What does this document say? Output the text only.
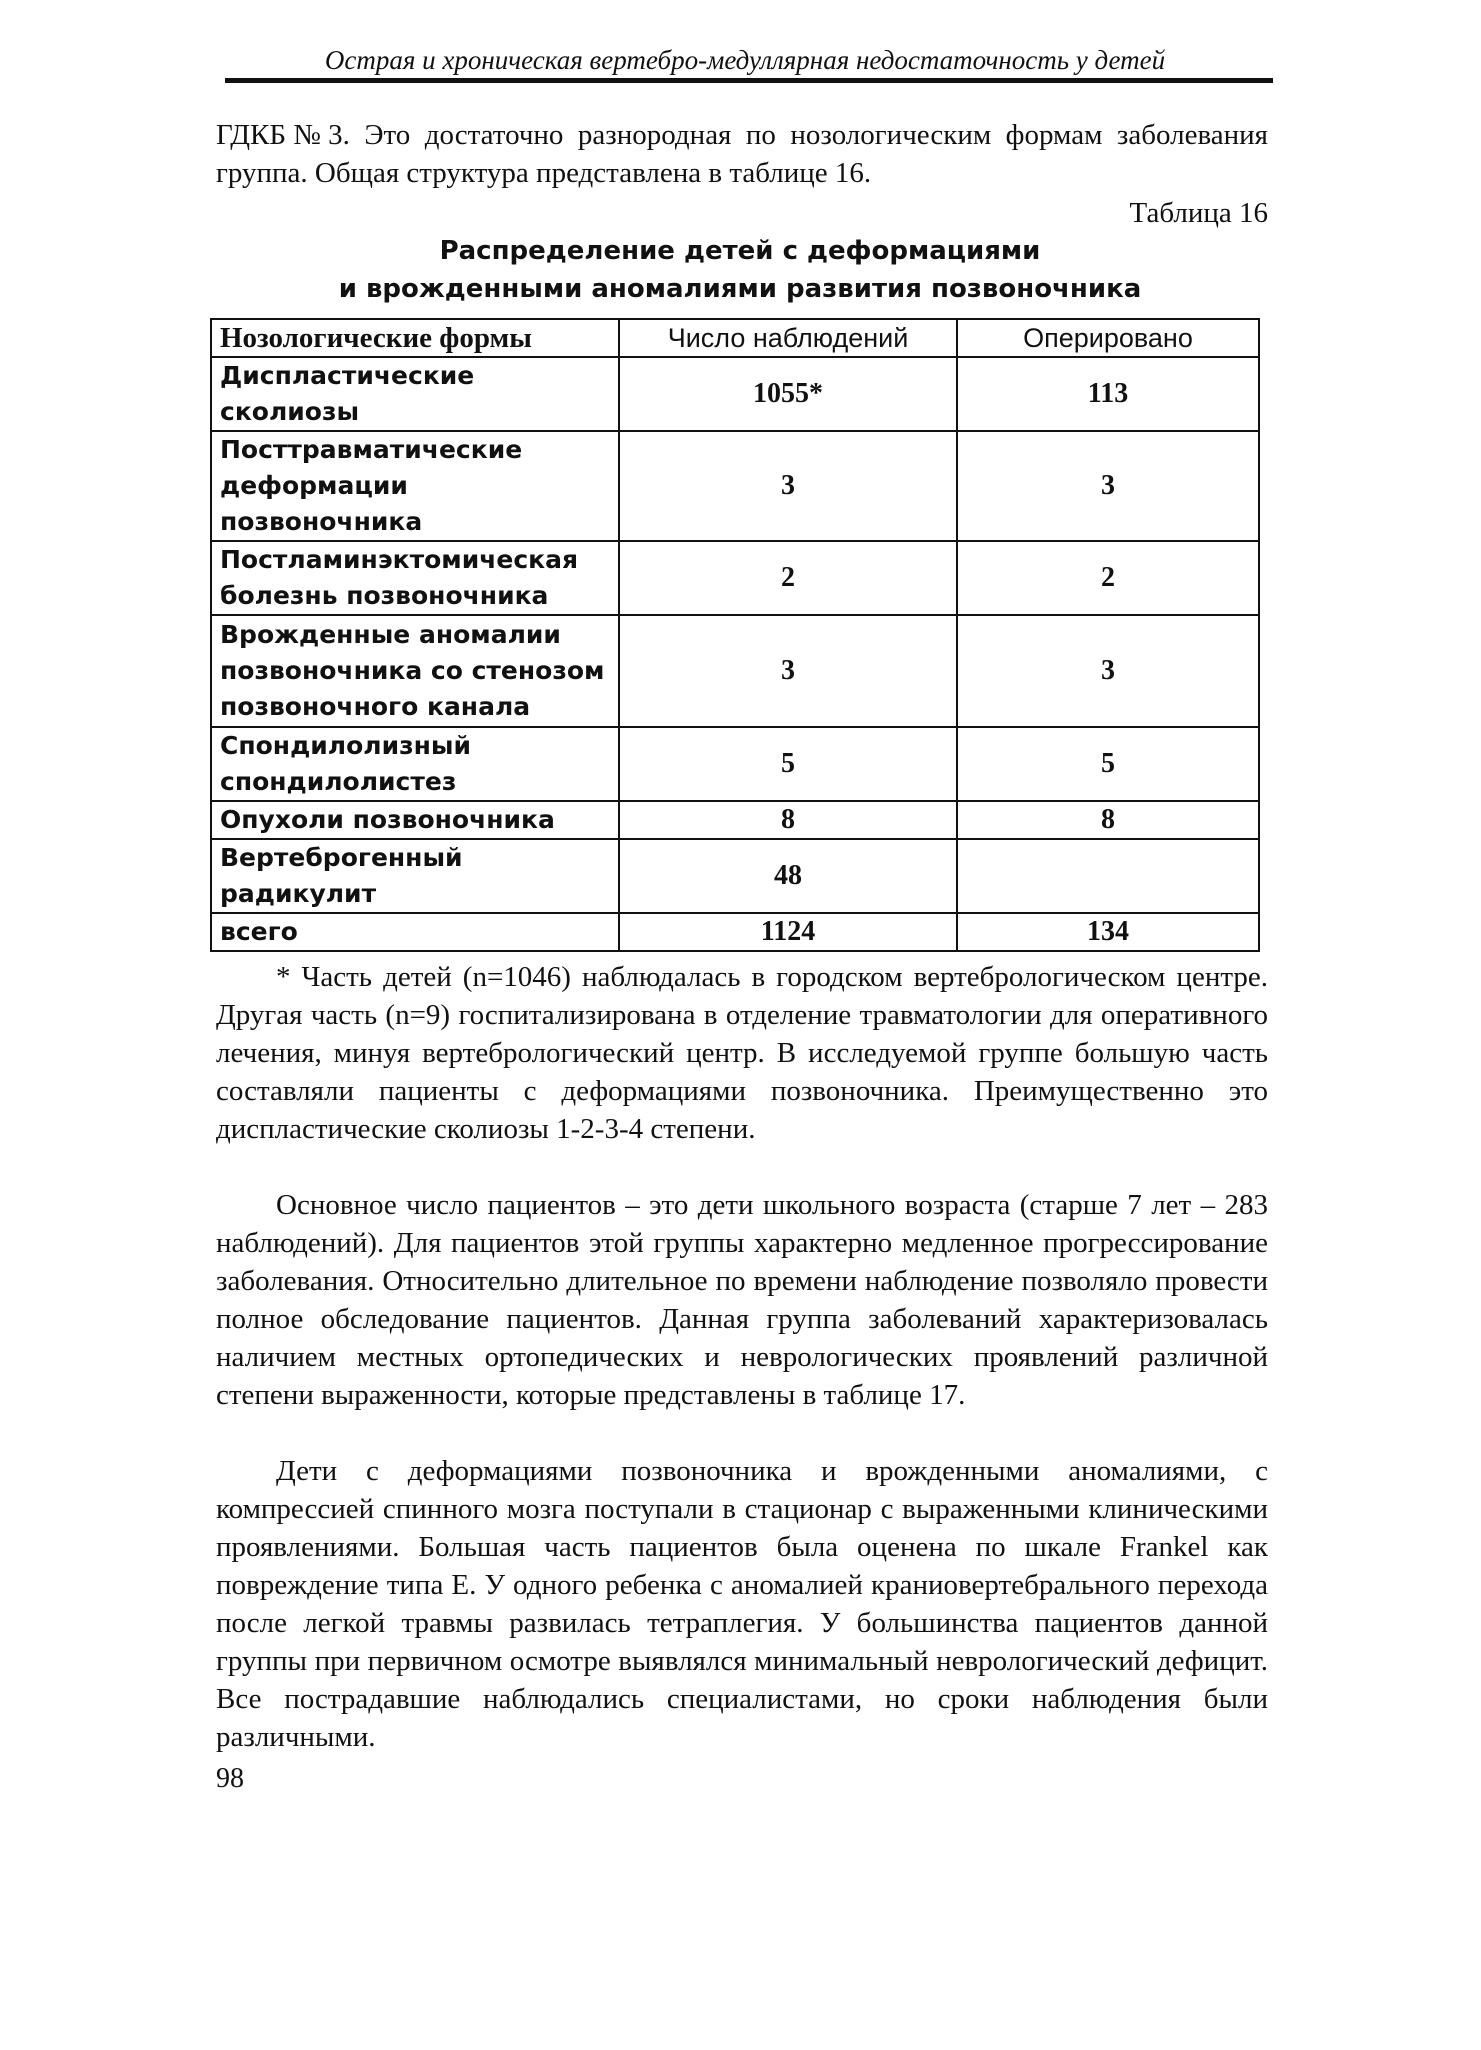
Острая и хроническая вертебро-медуллярная недостаточность у детей

ГДКБ№3. Это достаточно разнородная по нозологическим формам заболевания группа. Общая структура представлена в таблице 16.

Таблица 16
Распределение детей с деформациями
и врожденными аномалиями развития позвоночника
Нозологические формы	Число наблюдений	Оперировано
Диспластические сколиозы	1055*	113
Посттравматические деформации позвоночника	3	3
Постламинэктомическая болезнь позвоночника	2	2
Врожденные аномалии позвоночника со стенозом позвоночного канала	3	3
Спондилолизный спондилолистез	5	5
Опухоли позвоночника	8	8
Вертеброгенный радикулит	48	
всего	1124	134

* Часть детей (n=1046) наблюдалась в городском вертебрологическом центре. Другая часть (n=9) госпитализирована в отделение травматологии для оперативного лечения, минуя вертебрологический центр. В исследуемой группе большую часть составляли пациенты с деформациями позвоночника. Преимущественно это диспластические сколиозы 1-2-3-4 степени.

Основное число пациентов – это дети школьного возраста (старше 7 лет – 283 наблюдений). Для пациентов этой группы характерно медленное прогрессирование заболевания. Относительно длительное по времени наблюдение позволяло провести полное обследование пациентов. Данная группа заболеваний характеризовалась наличием местных ортопедических и неврологических проявлений различной степени выраженности, которые представлены в таблице 17.

Дети с деформациями позвоночника и врожденными аномалиями, с компрессией спинного мозга поступали в стационар с выраженными клиническими проявлениями. Большая часть пациентов была оценена по шкале Frankel как повреждение типа E. У одного ребенка с аномалией краниовертебрального перехода после легкой травмы развилась тетраплегия. У большинства пациентов данной группы при первичном осмотре выявлялся минимальный неврологический дефицит. Все пострадавшие наблюдались специалистами, но сроки наблюдения были различными.

98
